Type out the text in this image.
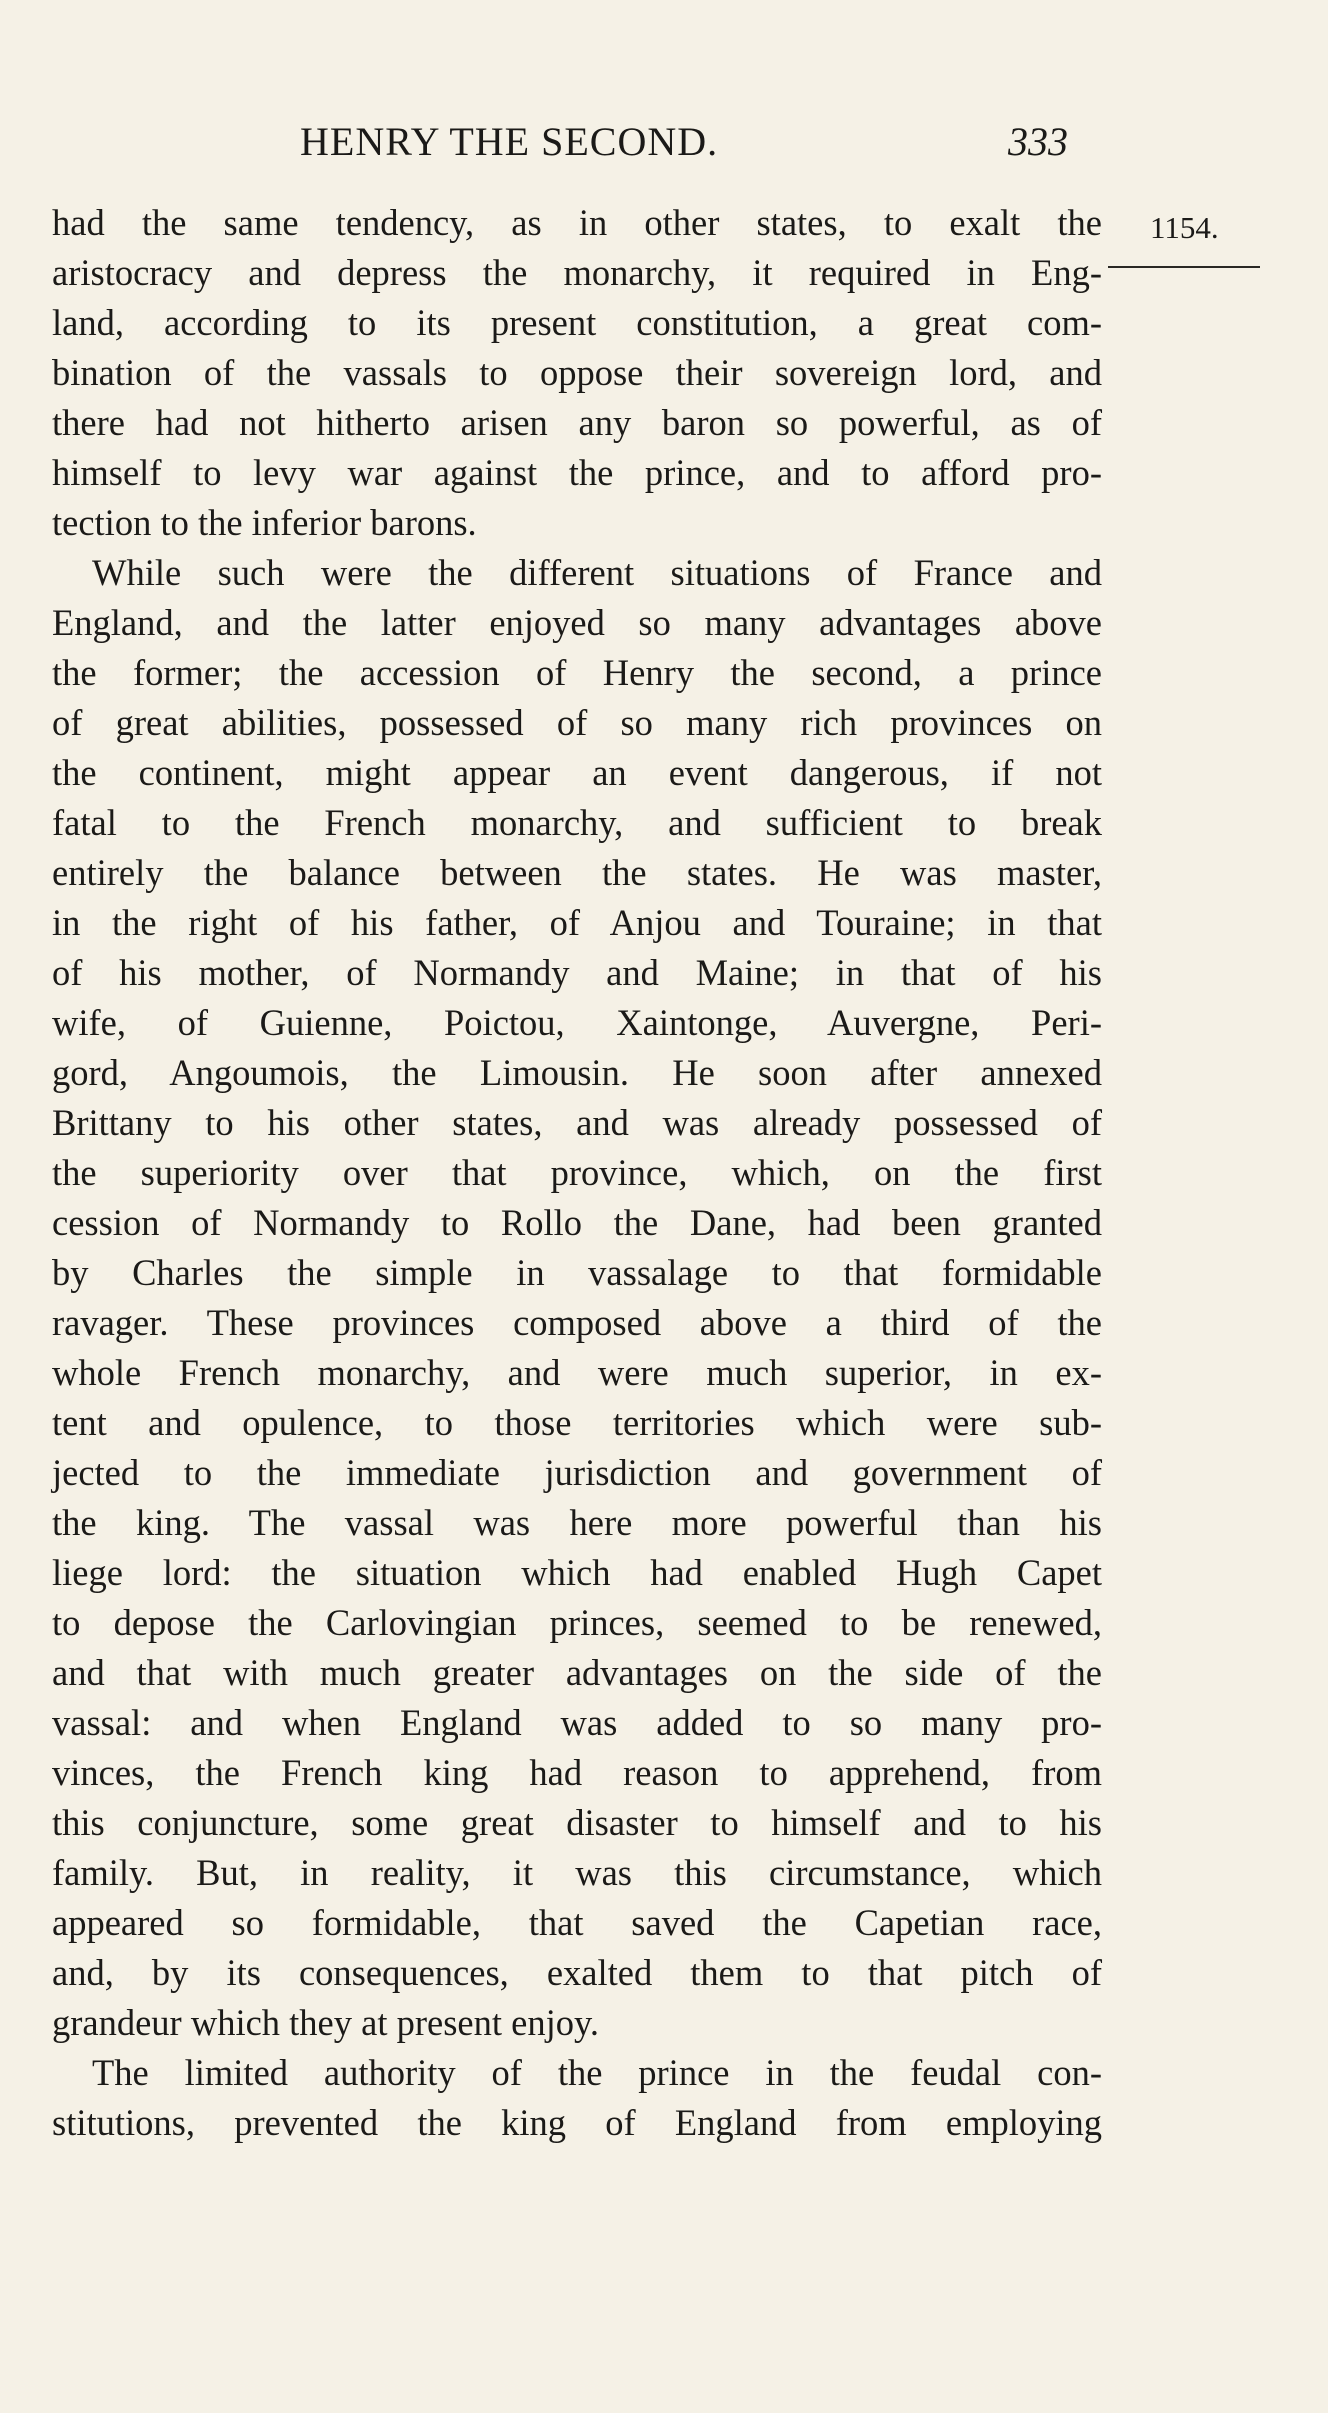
HENRY THE SECOND.	333
1154.
had the same tendency, as in other states, to exalt the
aristocracy and depress the monarchy, it required in Eng-
land, according to its present constitution, a great com-
bination of the vassals to oppose their sovereign lord, and
there had not hitherto arisen any baron so powerful, as of
himself to levy war against the prince, and to afford pro-
tection to the inferior barons.
While such were the different situations of France and
England, and the latter enjoyed so many advantages above
the former; the accession of Henry the second, a prince
of great abilities, possessed of so many rich provinces on
the continent, might appear an event dangerous, if not
fatal to the French monarchy, and sufficient to break
entirely the balance between the states. He was master,
in the right of his father, of Anjou and Touraine; in that
of his mother, of Normandy and Maine; in that of his
wife, of Guienne, Poictou, Xaintonge, Auvergne, Peri-
gord, Angoumois, the Limousin. He soon after annexed
Brittany to his other states, and was already possessed of
the superiority over that province, which, on the first
cession of Normandy to Rollo the Dane, had been granted
by Charles the simple in vassalage to that formidable
ravager. These provinces composed above a third of the
whole French monarchy, and were much superior, in ex-
tent and opulence, to those territories which were sub-
jected to the immediate jurisdiction and government of
the king. The vassal was here more powerful than his
liege lord: the situation which had enabled Hugh Capet
to depose the Carlovingian princes, seemed to be renewed,
and that with much greater advantages on the side of the
vassal: and when England was added to so many pro-
vinces, the French king had reason to apprehend, from
this conjuncture, some great disaster to himself and to his
family. But, in reality, it was this circumstance, which
appeared so formidable, that saved the Capetian race,
and, by its consequences, exalted them to that pitch of
grandeur which they at present enjoy.
The limited authority of the prince in the feudal con-
stitutions, prevented the king of England from employing
